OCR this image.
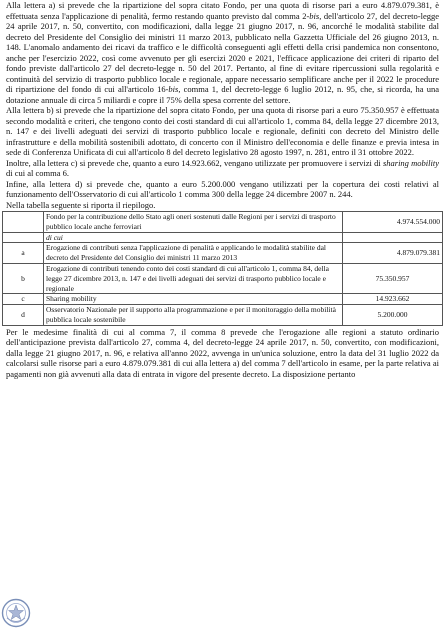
Alla lettera a) si prevede che la ripartizione del sopra citato Fondo, per una quota di risorse pari a euro 4.879.079.381, è effettuata senza l'applicazione di penalità, fermo restando quanto previsto dal comma 2-bis, dell'articolo 27, del decreto-legge 24 aprile 2017, n. 50, convertito, con modificazioni, dalla legge 21 giugno 2017, n. 96, ancorché le modalità stabilite dal decreto del Presidente del Consiglio dei ministri 11 marzo 2013, pubblicato nella Gazzetta Ufficiale del 26 giugno 2013, n. 148. L'anomalo andamento dei ricavi da traffico e le difficoltà conseguenti agli effetti della crisi pandemica non consentono, anche per l'esercizio 2022, così come avvenuto per gli esercizi 2020 e 2021, l'efficace applicazione dei criteri di riparto del fondo previste dall'articolo 27 del decreto-legge n. 50 del 2017. Pertanto, al fine di evitare ripercussioni sulla regolarità e continuità del servizio di trasporto pubblico locale e regionale, appare necessario semplificare anche per il 2022 le procedure di ripartizione del fondo di cui all'articolo 16-bis, comma 1, del decreto-legge 6 luglio 2012, n. 95, che, si ricorda, ha una dotazione annuale di circa 5 miliardi e copre il 75% della spesa corrente del settore.

Alla lettera b) si prevede che la ripartizione del sopra citato Fondo, per una quota di risorse pari a euro 75.350.957 è effettuata secondo modalità e criteri, che tengono conto dei costi standard di cui all'articolo 1, comma 84, della legge 27 dicembre 2013, n. 147 e dei livelli adeguati dei servizi di trasporto pubblico locale e regionale, definiti con decreto del Ministro delle infrastrutture e della mobilità sostenibili adottato, di concerto con il Ministro dell'economia e delle finanze e previa intesa in sede di Conferenza Unificata di cui all'articolo 8 del decreto legislativo 28 agosto 1997, n. 281, entro il 31 ottobre 2022.

Inoltre, alla lettera c) si prevede che, quanto a euro 14.923.662, vengano utilizzate per promuovere i servizi di sharing mobility di cui al comma 6.

Infine, alla lettera d) si prevede che, quanto a euro 5.200.000 vengano utilizzati per la copertura dei costi relativi al funzionamento dell'Osservatorio di cui all'articolo 1 comma 300 della legge 24 dicembre 2007 n. 244.

Nella tabella seguente si riporta il riepilogo.

	Fondo per la contribuzione dello Stato agli oneri sostenuti dalle Regioni per i servizi di trasporto pubblico locale anche ferroviari	4.974.554.000
	di cui	
a	Erogazione di contributi senza l'applicazione di penalità e applicando le modalità stabilite dal decreto del Presidente del Consiglio dei ministri 11 marzo 2013	4.879.079.381
b	Erogazione di contributi tenendo conto dei costi standard di cui all'articolo 1, comma 84, della legge 27 dicembre 2013, n. 147 e dei livelli adeguati dei servizi di trasporto pubblico locale e regionale	75.350.957
c	Sharing mobility	14.923.662
d	Osservatorio Nazionale per il supporto alla programmazione e per il monitoraggio della mobilità pubblica locale sostenibile	5.200.000

Per le medesime finalità di cui al comma 7, il comma 8 prevede che l'erogazione alle regioni a statuto ordinario dell'anticipazione prevista dall'articolo 27, comma 4, del decreto-legge 24 aprile 2017, n. 50, convertito, con modificazioni, dalla legge 21 giugno 2017, n. 96, e relativa all'anno 2022, avvenga in un'unica soluzione, entro la data del 31 luglio 2022 da calcolarsi sulle risorse pari a euro 4.879.079.381 di cui alla lettera a) del comma 7 dell'articolo in esame, per la parte relativa ai pagamenti non già avvenuti alla data di entrata in vigore del presente decreto. La disposizione pertanto
